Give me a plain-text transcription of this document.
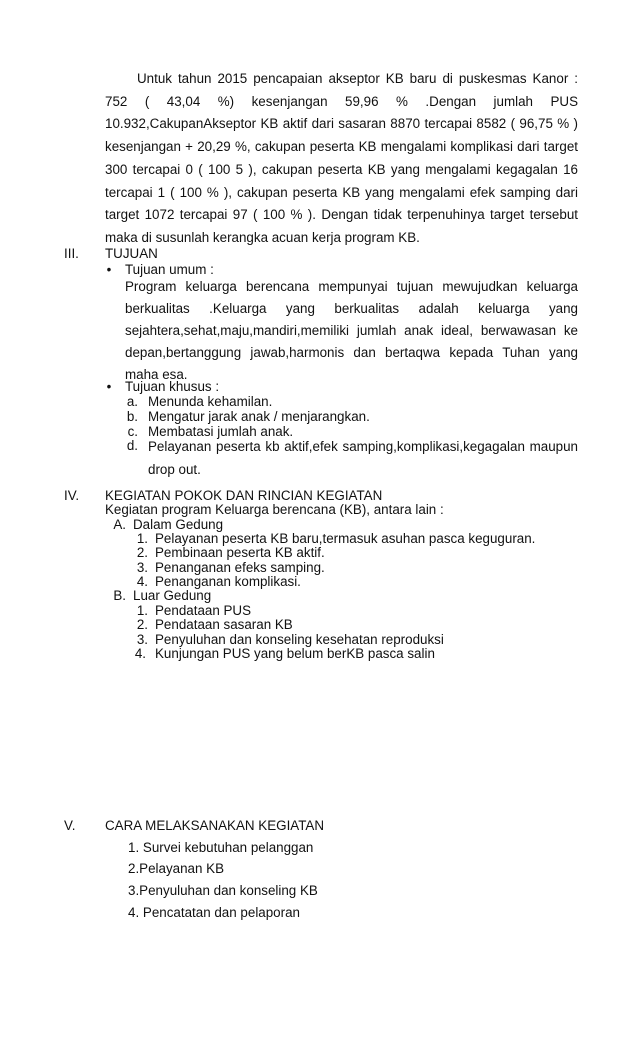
Untuk tahun 2015 pencapaian akseptor KB baru di puskesmas Kanor : 752 ( 43,04 %) kesenjangan 59,96 % .Dengan jumlah PUS 10.932,CakupanAkseptor KB aktif dari sasaran 8870 tercapai 8582 ( 96,75 % ) kesenjangan + 20,29 %, cakupan peserta KB mengalami komplikasi dari target 300 tercapai 0 ( 100 5 ), cakupan peserta KB yang mengalami kegagalan 16 tercapai 1 ( 100 % ), cakupan peserta KB yang mengalami efek samping dari target 1072 tercapai 97 ( 100 % ). Dengan tidak terpenuhinya target tersebut maka di susunlah kerangka acuan kerja program KB.

III. TUJUAN
• Tujuan umum :

Program keluarga berencana mempunyai tujuan mewujudkan keluarga berkualitas .Keluarga yang berkualitas adalah keluarga yang sejahtera,sehat,maju,mandiri,memiliki jumlah anak ideal, berwawasan ke depan,bertanggung jawab,harmonis dan bertaqwa kepada Tuhan yang maha esa.

• Tujuan khusus :
a. Menunda kehamilan.
b. Mengatur jarak anak / menjarangkan.
c. Membatasi jumlah anak.
d. Pelayanan peserta kb aktif,efek samping,komplikasi,kegagalan maupun drop out.

IV. KEGIATAN POKOK DAN RINCIAN KEGIATAN
Kegiatan program Keluarga berencana (KB), antara lain :
A. Dalam Gedung
1. Pelayanan peserta KB baru,termasuk asuhan pasca keguguran.
2. Pembinaan peserta KB aktif.
3. Penanganan efeks samping.
4. Penanganan komplikasi.
B. Luar Gedung
1. Pendataan PUS
2. Pendataan sasaran KB
3. Penyuluhan dan konseling kesehatan reproduksi
4. Kunjungan PUS yang belum berKB pasca salin
V. CARA MELAKSANAKAN KEGIATAN
1. Survei kebutuhan pelanggan
2.Pelayanan KB
3.Penyuluhan dan konseling KB
4. Pencatatan dan pelaporan
